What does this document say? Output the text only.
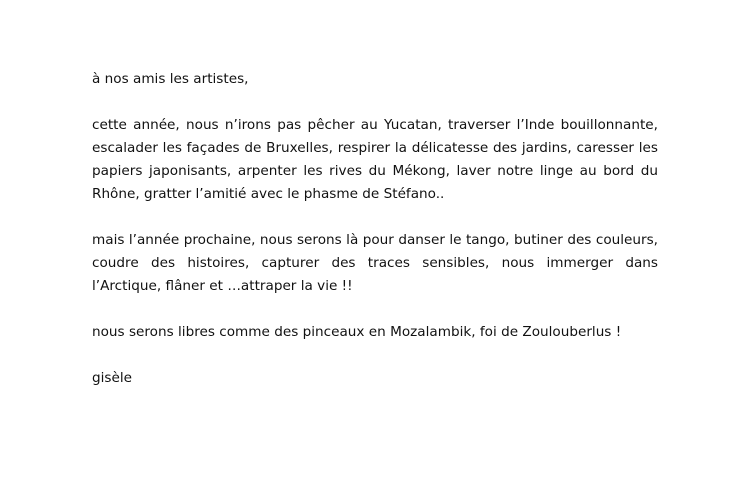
à nos amis les artistes,

cette année, nous n’irons pas pêcher au Yucatan, traverser l’Inde bouillonnante, escalader les façades de Bruxelles, respirer la délicatesse des jardins, caresser les papiers japonisants, arpenter les rives du Mékong, laver notre linge au bord du Rhône, gratter l’amitié avec le phasme de Stéfano..

mais l’année prochaine, nous serons là pour danser le tango, butiner des couleurs, coudre des histoires, capturer des traces sensibles, nous immerger dans l’Arctique, flâner et …attraper la vie !!

nous serons libres comme des pinceaux en Mozalambik, foi de Zoulouberlus !

gisèle
